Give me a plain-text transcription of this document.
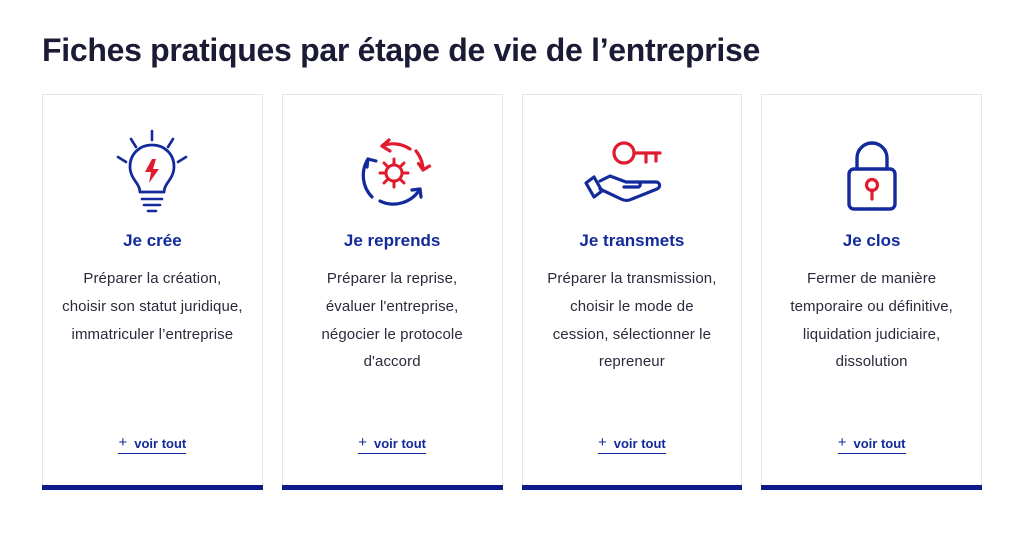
Fiches pratiques par étape de vie de l’entreprise
Je crée

Préparer la création, choisir son statut juridique, immatriculer l’entreprise

+ voir tout
Je reprends

Préparer la reprise, évaluer l'entreprise, négocier le protocole d'accord

+ voir tout
Je transmets

Préparer la transmission, choisir le mode de cession, sélectionner le repreneur

+ voir tout
Je clos

Fermer de manière temporaire ou définitive, liquidation judiciaire, dissolution

+ voir tout
